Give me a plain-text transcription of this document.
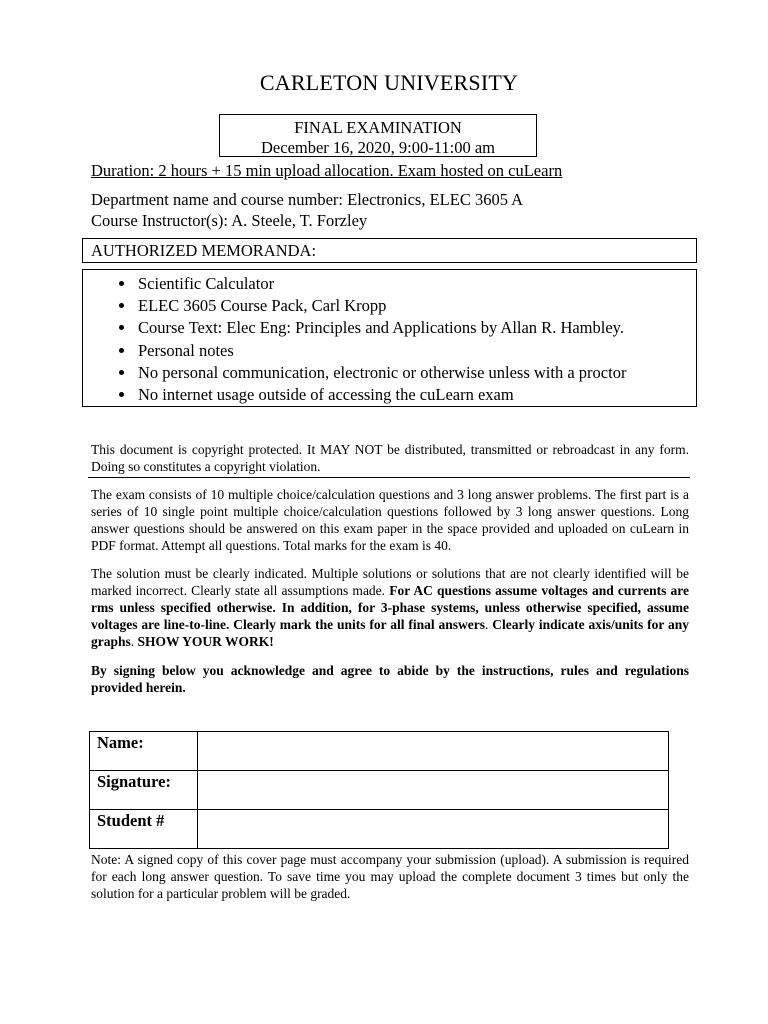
CARLETON UNIVERSITY
FINAL EXAMINATION
December 16, 2020, 9:00-11:00 am
Duration: 2 hours + 15 min upload allocation. Exam hosted on cuLearn
Department name and course number: Electronics, ELEC 3605 A
Course Instructor(s): A. Steele, T. Forzley
AUTHORIZED MEMORANDA:
• Scientific Calculator
• ELEC 3605 Course Pack, Carl Kropp
• Course Text: Elec Eng: Principles and Applications by Allan R. Hambley.
• Personal notes
• No personal communication, electronic or otherwise unless with a proctor
• No internet usage outside of accessing the cuLearn exam
This document is copyright protected. It MAY NOT be distributed, transmitted or rebroadcast in any form. Doing so constitutes a copyright violation.
The exam consists of 10 multiple choice/calculation questions and 3 long answer problems. The first part is a series of 10 single point multiple choice/calculation questions followed by 3 long answer questions. Long answer questions should be answered on this exam paper in the space provided and uploaded on cuLearn in PDF format. Attempt all questions. Total marks for the exam is 40.
The solution must be clearly indicated. Multiple solutions or solutions that are not clearly identified will be marked incorrect. Clearly state all assumptions made. For AC questions assume voltages and currents are rms unless specified otherwise. In addition, for 3-phase systems, unless otherwise specified, assume voltages are line-to-line. Clearly mark the units for all final answers. Clearly indicate axis/units for any graphs. SHOW YOUR WORK!
By signing below you acknowledge and agree to abide by the instructions, rules and regulations provided herein.
Name:	
Signature:	
Student #	
Note: A signed copy of this cover page must accompany your submission (upload). A submission is required for each long answer question. To save time you may upload the complete document 3 times but only the solution for a particular problem will be graded.
